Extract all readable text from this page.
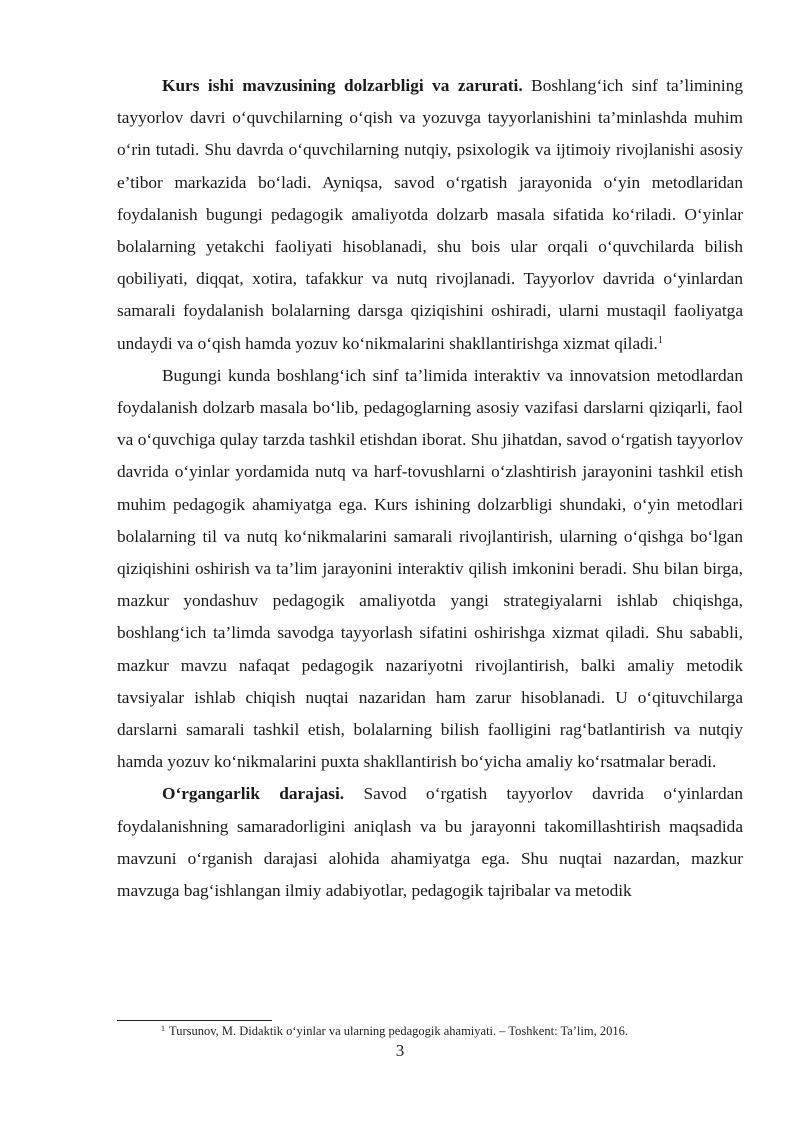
Kurs ishi mavzusining dolzarbligi va zarurati. Boshlang‘ich sinf ta’limining tayyorlov davri o‘quvchilarning o‘qish va yozuvga tayyorlanishini ta’minlashda muhim o‘rin tutadi. Shu davrda o‘quvchilarning nutqiy, psixologik va ijtimoiy rivojlanishi asosiy e’tibor markazida bo‘ladi. Ayniqsa, savod o‘rgatish jarayonida o‘yin metodlaridan foydalanish bugungi pedagogik amaliyotda dolzarb masala sifatida ko‘riladi. O‘yinlar bolalarning yetakchi faoliyati hisoblanadi, shu bois ular orqali o‘quvchilarda bilish qobiliyati, diqqat, xotira, tafakkur va nutq rivojlanadi. Tayyorlov davrida o‘yinlardan samarali foydalanish bolalarning darsga qiziqishini oshiradi, ularni mustaqil faoliyatga undaydi va o‘qish hamda yozuv ko‘nikmalarini shakllantirishga xizmat qiladi.$^1$

Bugungi kunda boshlang‘ich sinf ta’limida interaktiv va innovatsion metodlardan foydalanish dolzarb masala bo‘lib, pedagoglarning asosiy vazifasi darslarni qiziqarli, faol va o‘quvchiga qulay tarzda tashkil etishdan iborat. Shu jihatdan, savod o‘rgatish tayyorlov davrida o‘yinlar yordamida nutq va harf-tovushlarni o‘zlashtirish jarayonini tashkil etish muhim pedagogik ahamiyatga ega. Kurs ishining dolzarbligi shundaki, o‘yin metodlari bolalarning til va nutq ko‘nikmalarini samarali rivojlantirish, ularning o‘qishga bo‘lgan qiziqishini oshirish va ta’lim jarayonini interaktiv qilish imkonini beradi. Shu bilan birga, mazkur yondashuv pedagogik amaliyotda yangi strategiyalarni ishlab chiqishga, boshlang‘ich ta’limda savodga tayyorlash sifatini oshirishga xizmat qiladi. Shu sababli, mazkur mavzu nafaqat pedagogik nazariyotni rivojlantirish, balki amaliy metodik tavsiyalar ishlab chiqish nuqtai nazaridan ham zarur hisoblanadi. U o‘qituvchilarga darslarni samarali tashkil etish, bolalarning bilish faolligini rag‘batlantirish va nutqiy hamda yozuv ko‘nikmalarini puxta shakllantirish bo‘yicha amaliy ko‘rsatmalar beradi.

O‘rgangarlik darajasi. Savod o‘rgatish tayyorlov davrida o‘yinlardan foydalanishning samaradorligini aniqlash va bu jarayonni takomillashtirish maqsadida mavzuni o‘rganish darajasi alohida ahamiyatga ega. Shu nuqtai nazardan, mazkur mavzuga bag‘ishlangan ilmiy adabiyotlar, pedagogik tajribalar va metodik

$^1$ Tursunov, M. Didaktik o‘yinlar va ularning pedagogik ahamiyati. – Toshkent: Ta’lim, 2016.
3
